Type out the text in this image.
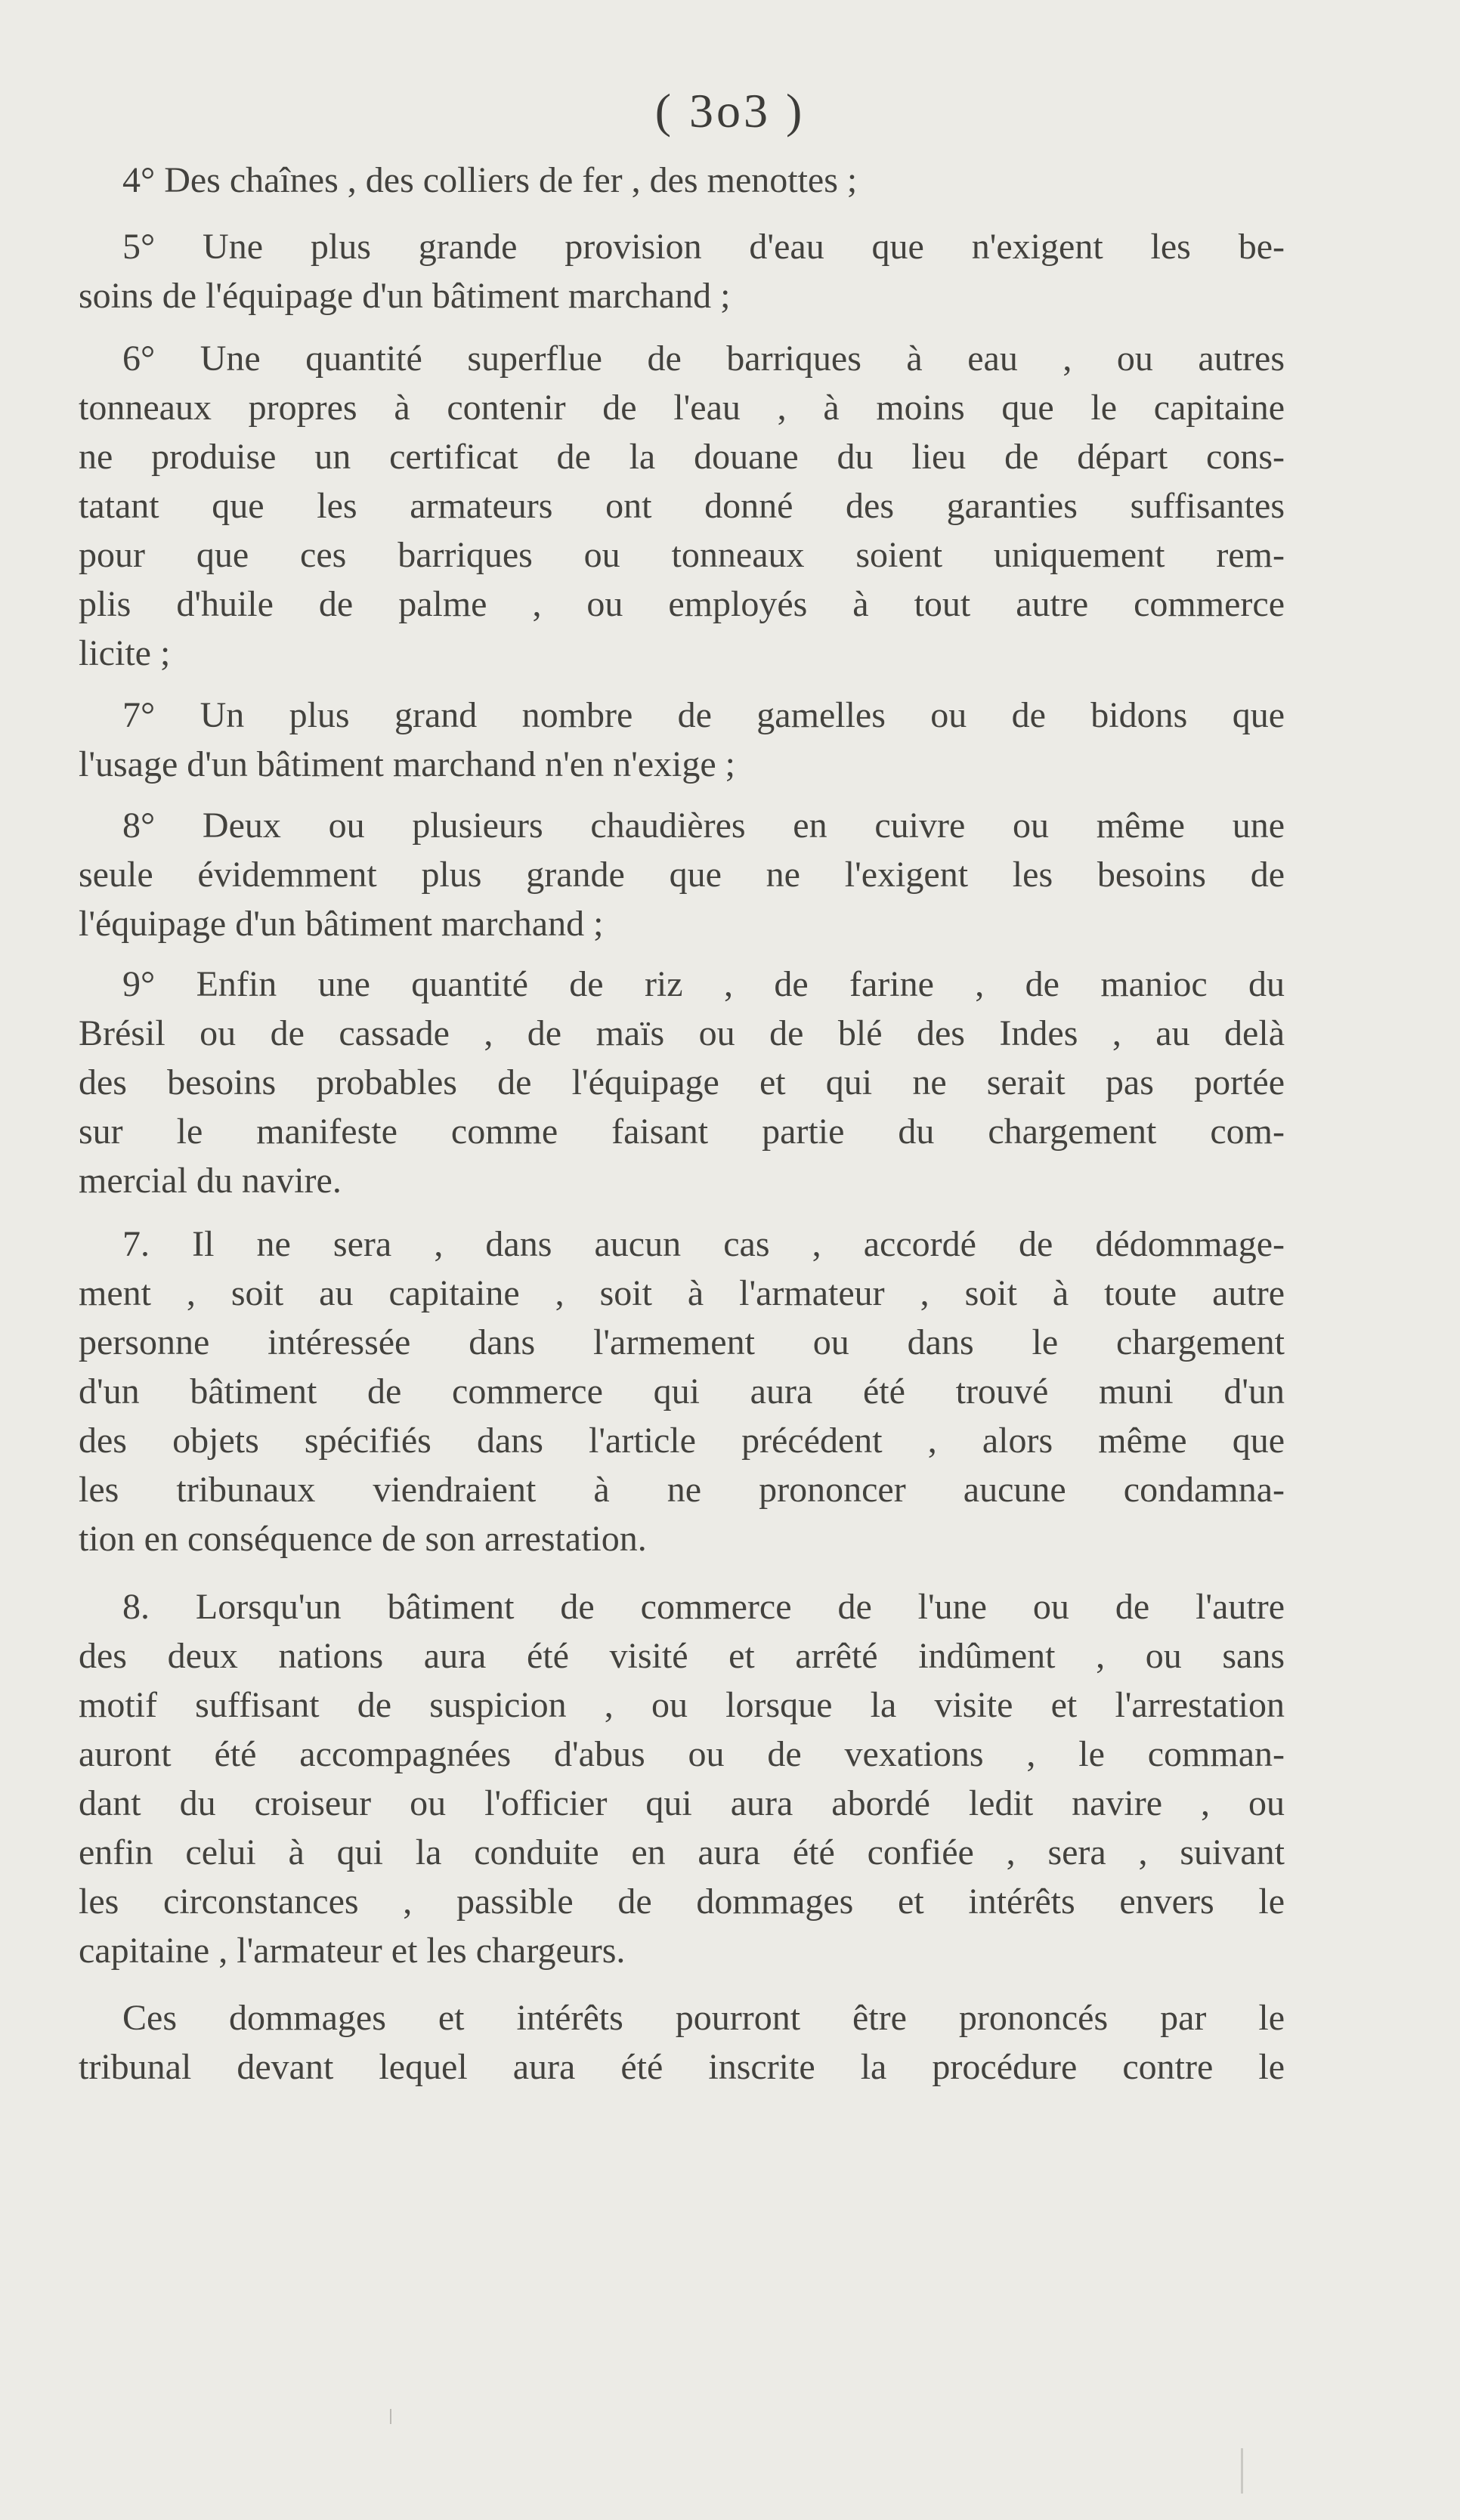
( 3o3 )

4° Des chaînes , des colliers de fer , des menottes ;

5° Une plus grande provision d'eau que n'exigent les be-
soins de l'équipage d'un bâtiment marchand ;

6° Une quantité superflue de barriques à eau , ou autres
tonneaux propres à contenir de l'eau , à moins que le capitaine
ne produise un certificat de la douane du lieu de départ cons-
tatant que les armateurs ont donné des garanties suffisantes
pour que ces barriques ou tonneaux soient uniquement rem-
plis d'huile de palme , ou employés à tout autre commerce
licite ;

7° Un plus grand nombre de gamelles ou de bidons que
l'usage d'un bâtiment marchand n'en n'exige ;

8° Deux ou plusieurs chaudières en cuivre ou même une
seule évidemment plus grande que ne l'exigent les besoins de
l'équipage d'un bâtiment marchand ;

9° Enfin une quantité de riz , de farine , de manioc du
Brésil ou de cassade , de maïs ou de blé des Indes , au delà
des besoins probables de l'équipage et qui ne serait pas portée
sur le manifeste comme faisant partie du chargement com-
mercial du navire.

7. Il ne sera , dans aucun cas , accordé de dédommage-
ment , soit au capitaine , soit à l'armateur , soit à toute autre
personne intéressée dans l'armement ou dans le chargement
d'un bâtiment de commerce qui aura été trouvé muni d'un
des objets spécifiés dans l'article précédent , alors même que
les tribunaux viendraient à ne prononcer aucune condamna-
tion en conséquence de son arrestation.

8. Lorsqu'un bâtiment de commerce de l'une ou de l'autre
des deux nations aura été visité et arrêté indûment , ou sans
motif suffisant de suspicion , ou lorsque la visite et l'arrestation
auront été accompagnées d'abus ou de vexations , le comman-
dant du croiseur ou l'officier qui aura abordé ledit navire , ou
enfin celui à qui la conduite en aura été confiée , sera , suivant
les circonstances , passible de dommages et intérêts envers le
capitaine , l'armateur et les chargeurs.

Ces dommages et intérêts pourront être prononcés par le
tribunal devant lequel aura été inscrite la procédure contre le
